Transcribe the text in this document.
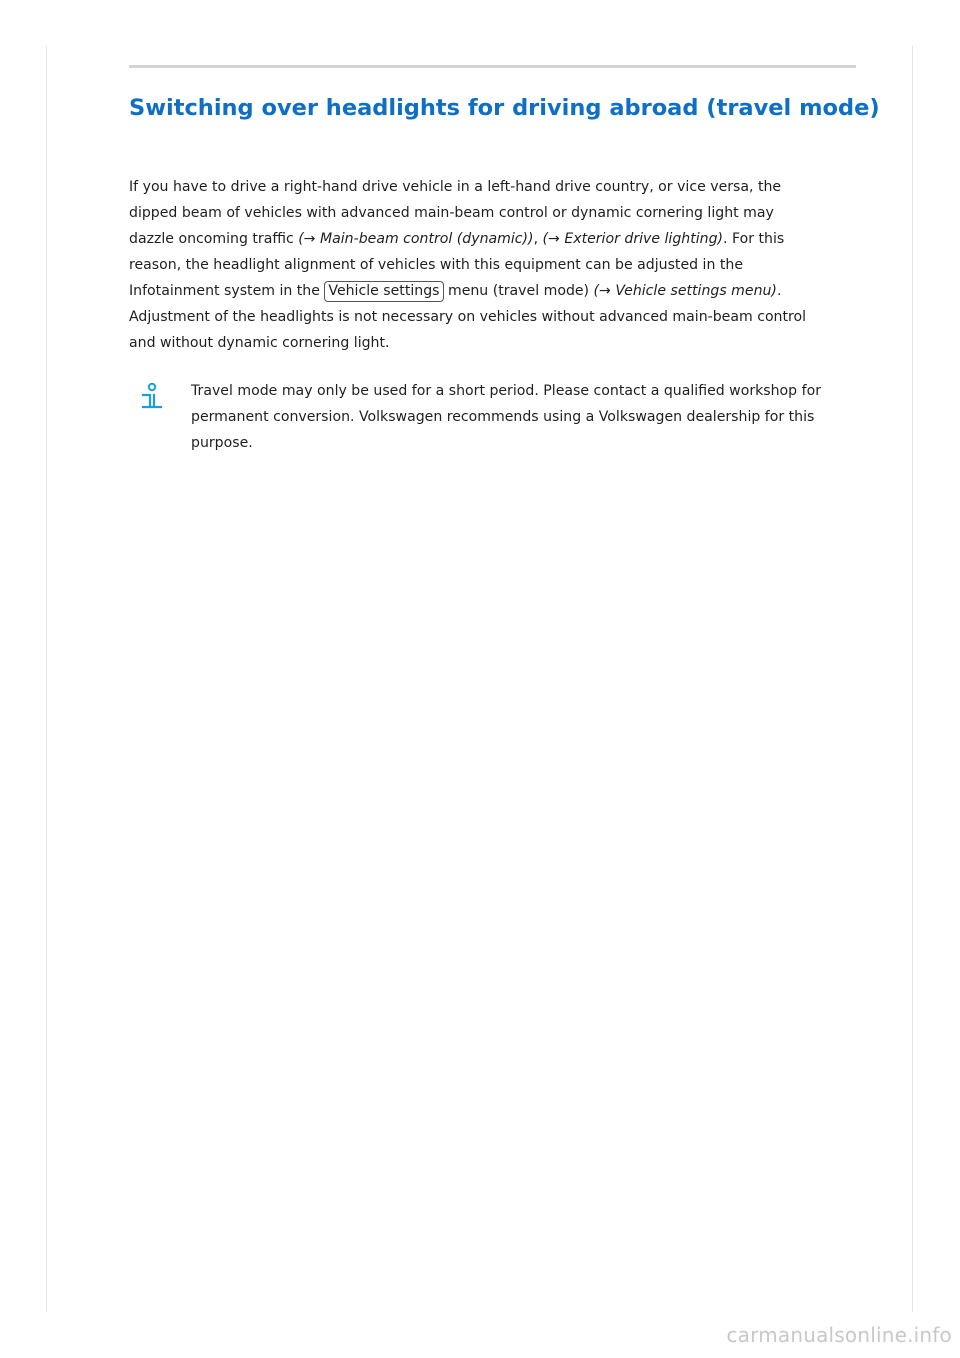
Switching over headlights for driving abroad (travel mode)

If you have to drive a right-hand drive vehicle in a left-hand drive country, or vice versa, the
dipped beam of vehicles with advanced main-beam control or dynamic cornering light may
dazzle oncoming traffic (→ Main-beam control (dynamic)), (→ Exterior drive lighting). For this
reason, the headlight alignment of vehicles with this equipment can be adjusted in the
Infotainment system in the Vehicle settings menu (travel mode) (→ Vehicle settings menu).
Adjustment of the headlights is not necessary on vehicles without advanced main-beam control
and without dynamic cornering light.

Travel mode may only be used for a short period. Please contact a qualified workshop for
permanent conversion. Volkswagen recommends using a Volkswagen dealership for this
purpose.

carmanualsonline.info
